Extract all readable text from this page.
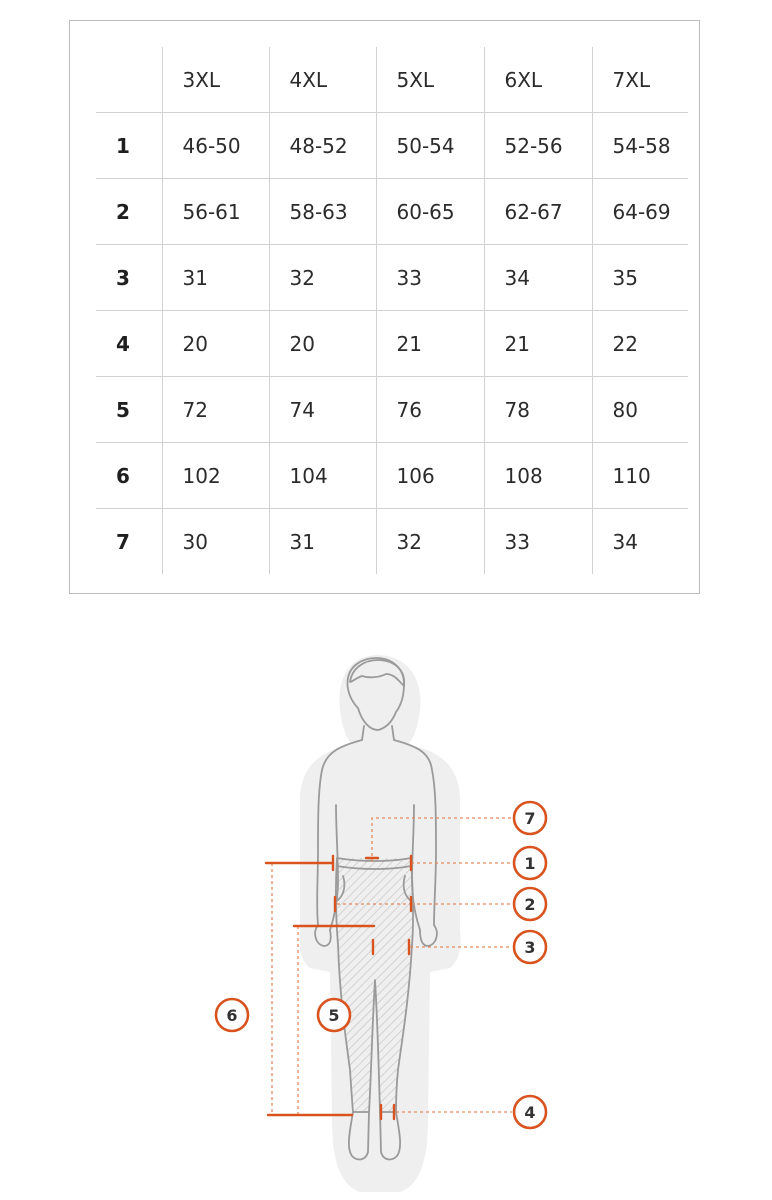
	3XL	4XL	5XL	6XL	7XL
1	46-50	48-52	50-54	52-56	54-58
2	56-61	58-63	60-65	62-67	64-69
3	31	32	33	34	35
4	20	20	21	21	22
5	72	74	76	78	80
6	102	104	106	108	110
7	30	31	32	33	34
7
1
2
3
6	5
4
